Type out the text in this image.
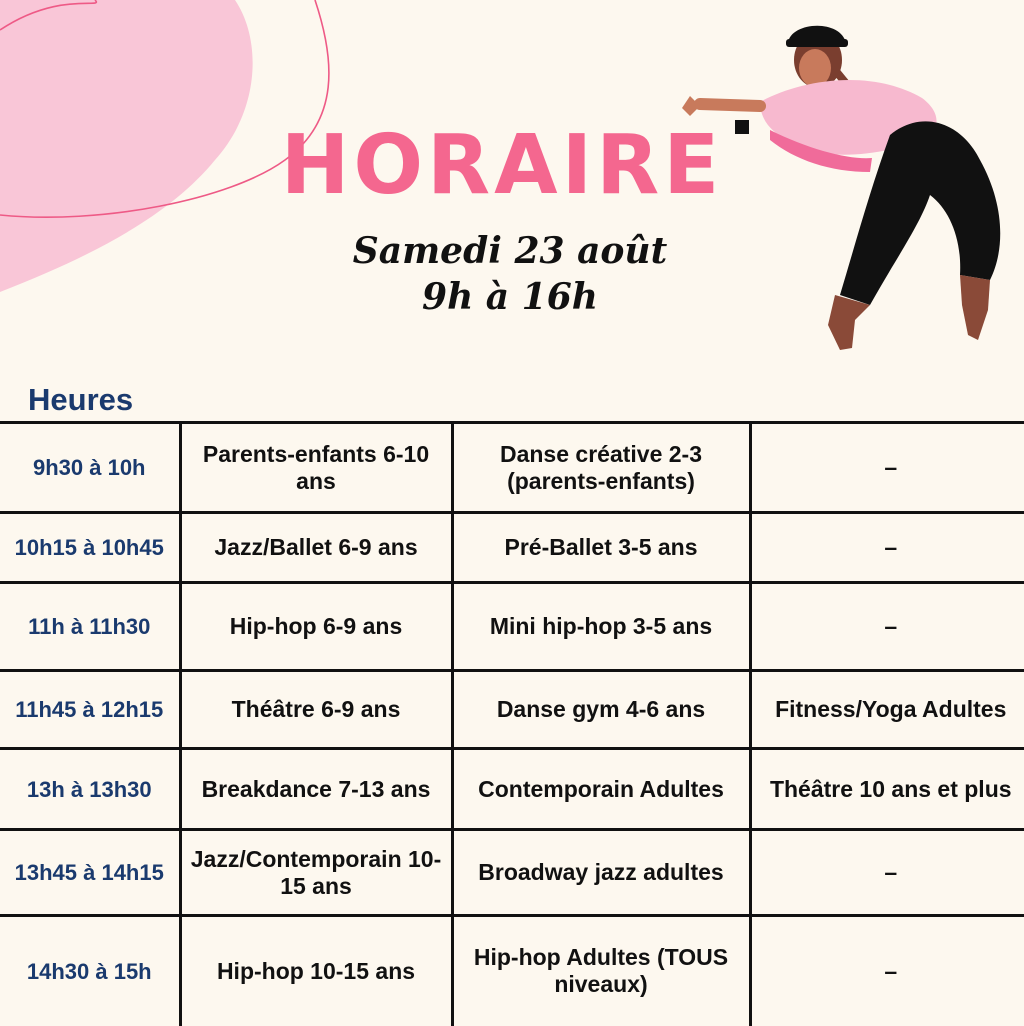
HORAIRE
Samedi 23 août
9h à 16h
Heures
9h30 à 10h	Parents-enfants 6-10 ans	Danse créative 2-3 (parents-enfants)	–
10h15 à 10h45	Jazz/Ballet 6-9 ans	Pré-Ballet 3-5 ans	–
11h à 11h30	Hip-hop 6-9 ans	Mini hip-hop 3-5 ans	–
11h45 à 12h15	Théâtre 6-9 ans	Danse gym 4-6 ans	Fitness/Yoga Adultes
13h à 13h30	Breakdance 7-13 ans	Contemporain Adultes	Théâtre 10 ans et plus
13h45 à 14h15	Jazz/Contemporain 10-15 ans	Broadway jazz adultes	–
14h30 à 15h	Hip-hop 10-15 ans	Hip-hop Adultes (TOUS niveaux)	–
